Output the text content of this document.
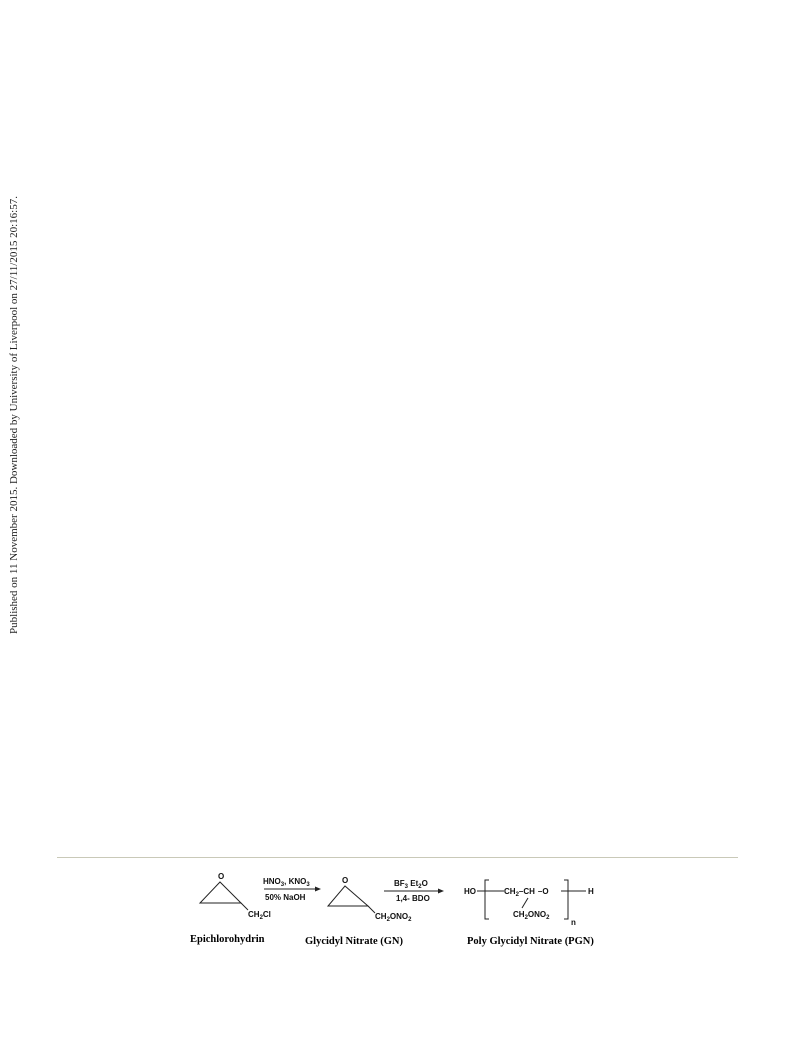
Published on 11 November 2015. Downloaded by University of Liverpool on 27/11/2015 20:16:57.
O
$CH_2Cl$
Epichlorohydrin
$HNO_3$, $KNO_3$
50% NaOH
O
$CH_2ONO_2$
Glycidyl Nitrate (GN)
$BF_3$ $Et_2O$
1,4- BDO
HO	$CH_2-CH$ –O	H
$CH_2ONO_2$	n
Poly Glycidyl Nitrate (PGN)
